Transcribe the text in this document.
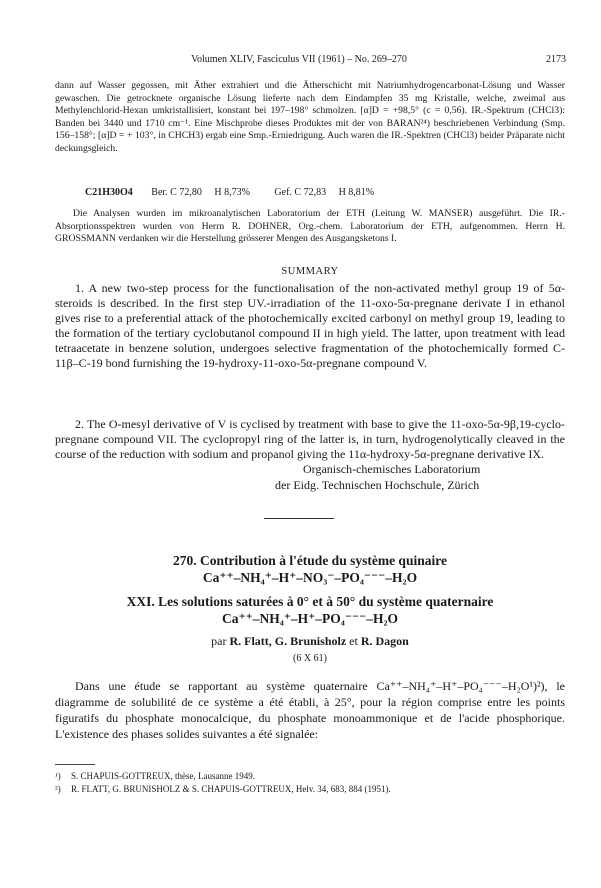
Volumen XLIV, Fasciculus VII (1961) – No. 269–270	2173
dann auf Wasser gegossen, mit Äther extrahiert und die Ätherschicht mit Natriumhydrogencarbonat-Lösung und Wasser gewaschen. Die getrocknete organische Lösung lieferte nach dem Eindampfen 35 mg Kristalle, welche, zweimal aus Methylenchlorid-Hexan umkristallisiert, konstant bei 197–198° schmolzen. [α]D = +98,5° (c = 0,56). IR.-Spektrum (CHCl3): Banden bei 3440 und 1710 cm⁻¹. Eine Mischprobe dieses Produktes mit der von BARAN²⁴) beschriebenen Verbindung (Smp. 156–158°; [α]D = + 103°, in CHCH3) ergab eine Smp.-Erniedrigung. Auch waren die IR.-Spektren (CHCl3) beider Präparate nicht deckungsgleich.
C21H30O4 Ber. C 72,80 H 8,73% Gef. C 72,83 H 8,81%
Die Analysen wurden im mikroanalytischen Laboratorium der ETH (Leitung W. MANSER) ausgeführt. Die IR.-Absorptionsspektren wurden von Herrn R. DOHNER, Org.-chem. Laboratorium der ETH, aufgenommen. Herrn H. GROSSMANN verdanken wir die Herstellung grösserer Mengen des Ausgangsketons I.
SUMMARY
1. A new two-step process for the functionalisation of the non-activated methyl group 19 of 5α-steroids is described. In the first step UV.-irradiation of the 11-oxo-5α-pregnane derivate I in ethanol gives rise to a preferential attack of the photochemically excited carbonyl on methyl group 19, leading to the formation of the tertiary cyclobutanol compound II in high yield. The latter, upon treatment with lead tetraacetate in benzene solution, undergoes selective fragmentation of the photochemically formed C-11β–C-19 bond furnishing the 19-hydroxy-11-oxo-5α-pregnane compound V.
2. The O-mesyl derivative of V is cyclised by treatment with base to give the 11-oxo-5α-9β,19-cyclo-pregnane compound VII. The cyclopropyl ring of the latter is, in turn, hydrogenolytically cleaved in the course of the reduction with sodium and propanol giving the 11α-hydroxy-5α-pregnane derivative IX.
Organisch-chemisches Laboratorium
der Eidg. Technischen Hochschule, Zürich
270. Contribution à l'étude du système quinaire
Ca⁺⁺–NH₄⁺–H⁺–NO₃⁻–PO₄⁻⁻⁻–H₂O
XXI. Les solutions saturées à 0° et à 50° du système quaternaire
Ca⁺⁺–NH₄⁺–H⁺–PO₄⁻⁻⁻–H₂O
par R. Flatt, G. Brunisholz et R. Dagon
(6 X 61)
Dans une étude se rapportant au système quaternaire Ca⁺⁺–NH₄⁺–H⁺–PO₄⁻⁻⁻–H₂O¹)²), le diagramme de solubilité de ce système a été établi, à 25°, pour la région comprise entre les points figuratifs du phosphate monocalcique, du phosphate monoammonique et de l'acide phosphorique. L'existence des phases solides suivantes a été signalée:
¹) S. CHAPUIS-GOTTREUX, thèse, Lausanne 1949.
²) R. FLATT, G. BRUNISHOLZ & S. CHAPUIS-GOTTREUX, Helv. 34, 683, 884 (1951).
